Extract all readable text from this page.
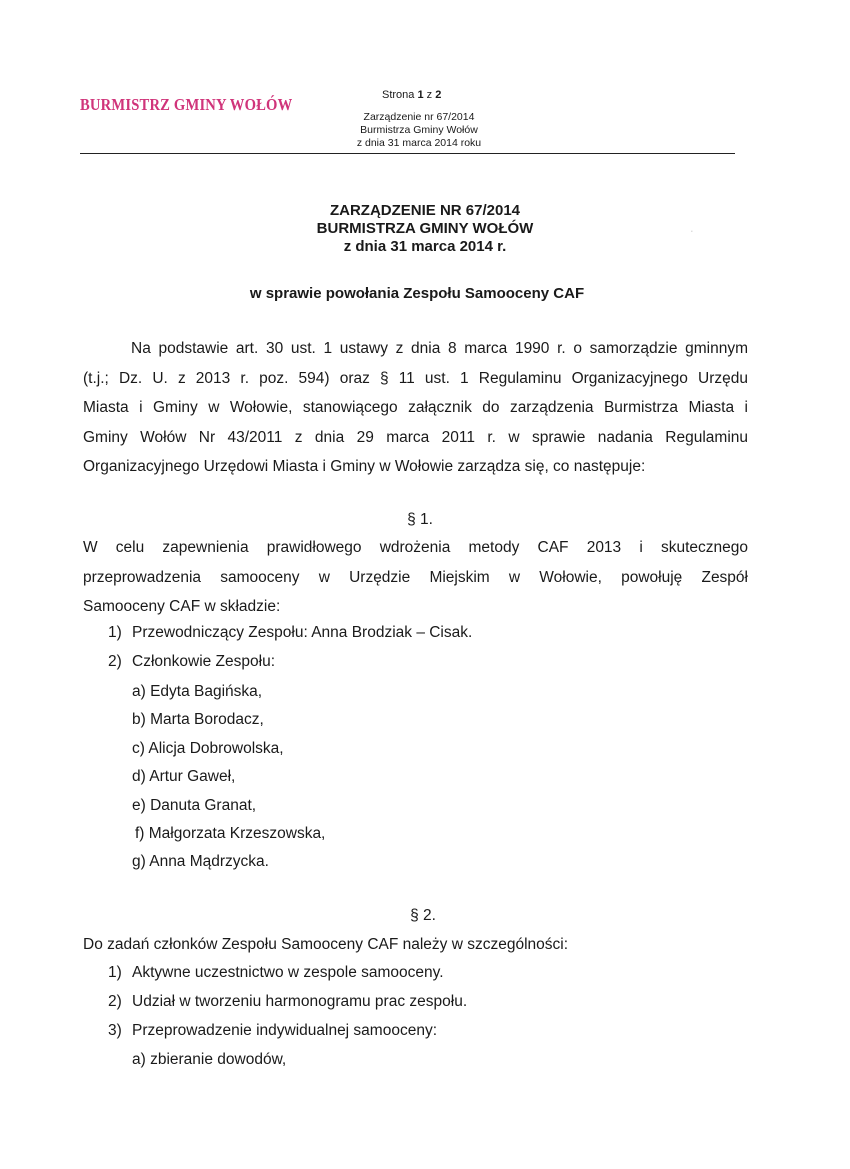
.
BURMISTRZ GMINY WOŁÓW	Strona 1 z 2
Zarządzenie nr 67/2014
Burmistrza Gminy Wołów
z dnia 31 marca 2014 roku
ZARZĄDZENIE NR 67/2014
BURMISTRZA GMINY WOŁÓW
z dnia 31 marca 2014 r.
w sprawie powołania Zespołu Samooceny CAF
Na podstawie art. 30 ust. 1 ustawy z dnia 8 marca 1990 r. o samorządzie gminnym
(t.j.; Dz. U. z 2013 r. poz. 594) oraz § 11 ust. 1 Regulaminu Organizacyjnego Urzędu
Miasta i Gminy w Wołowie, stanowiącego załącznik do zarządzenia Burmistrza Miasta i
Gminy Wołów Nr 43/2011 z dnia 29 marca 2011 r. w sprawie nadania Regulaminu
Organizacyjnego Urzędowi Miasta i Gminy w Wołowie zarządza się, co następuje:
§ 1.
W celu zapewnienia prawidłowego wdrożenia metody CAF 2013 i skutecznego
przeprowadzenia samooceny w Urzędzie Miejskim w Wołowie, powołuję Zespół
Samooceny CAF w składzie:
1) Przewodniczący Zespołu: Anna Brodziak – Cisak.
2) Członkowie Zespołu:
a) Edyta Bagińska,
b) Marta Borodacz,
c) Alicja Dobrowolska,
d) Artur Gaweł,
e) Danuta Granat,
f) Małgorzata Krzeszowska,
g) Anna Mądrzycka.
§ 2.
Do zadań członków Zespołu Samooceny CAF należy w szczególności:
1) Aktywne uczestnictwo w zespole samooceny.
2) Udział w tworzeniu harmonogramu prac zespołu.
3) Przeprowadzenie indywidualnej samooceny:
a) zbieranie dowodów,
